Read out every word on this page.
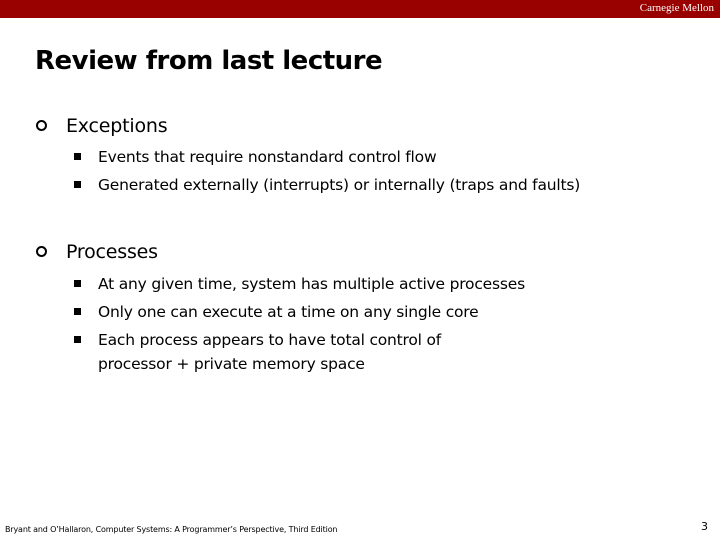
Carnegie Mellon
Review from last lecture
Exceptions
Events that require nonstandard control flow
Generated externally (interrupts) or internally (traps and faults)
Processes
At any given time, system has multiple active processes
Only one can execute at a time on any single core
Each process appears to have total control of processor + private memory space
Bryant and O’Hallaron, Computer Systems: A Programmer’s Perspective, Third Edition	3
